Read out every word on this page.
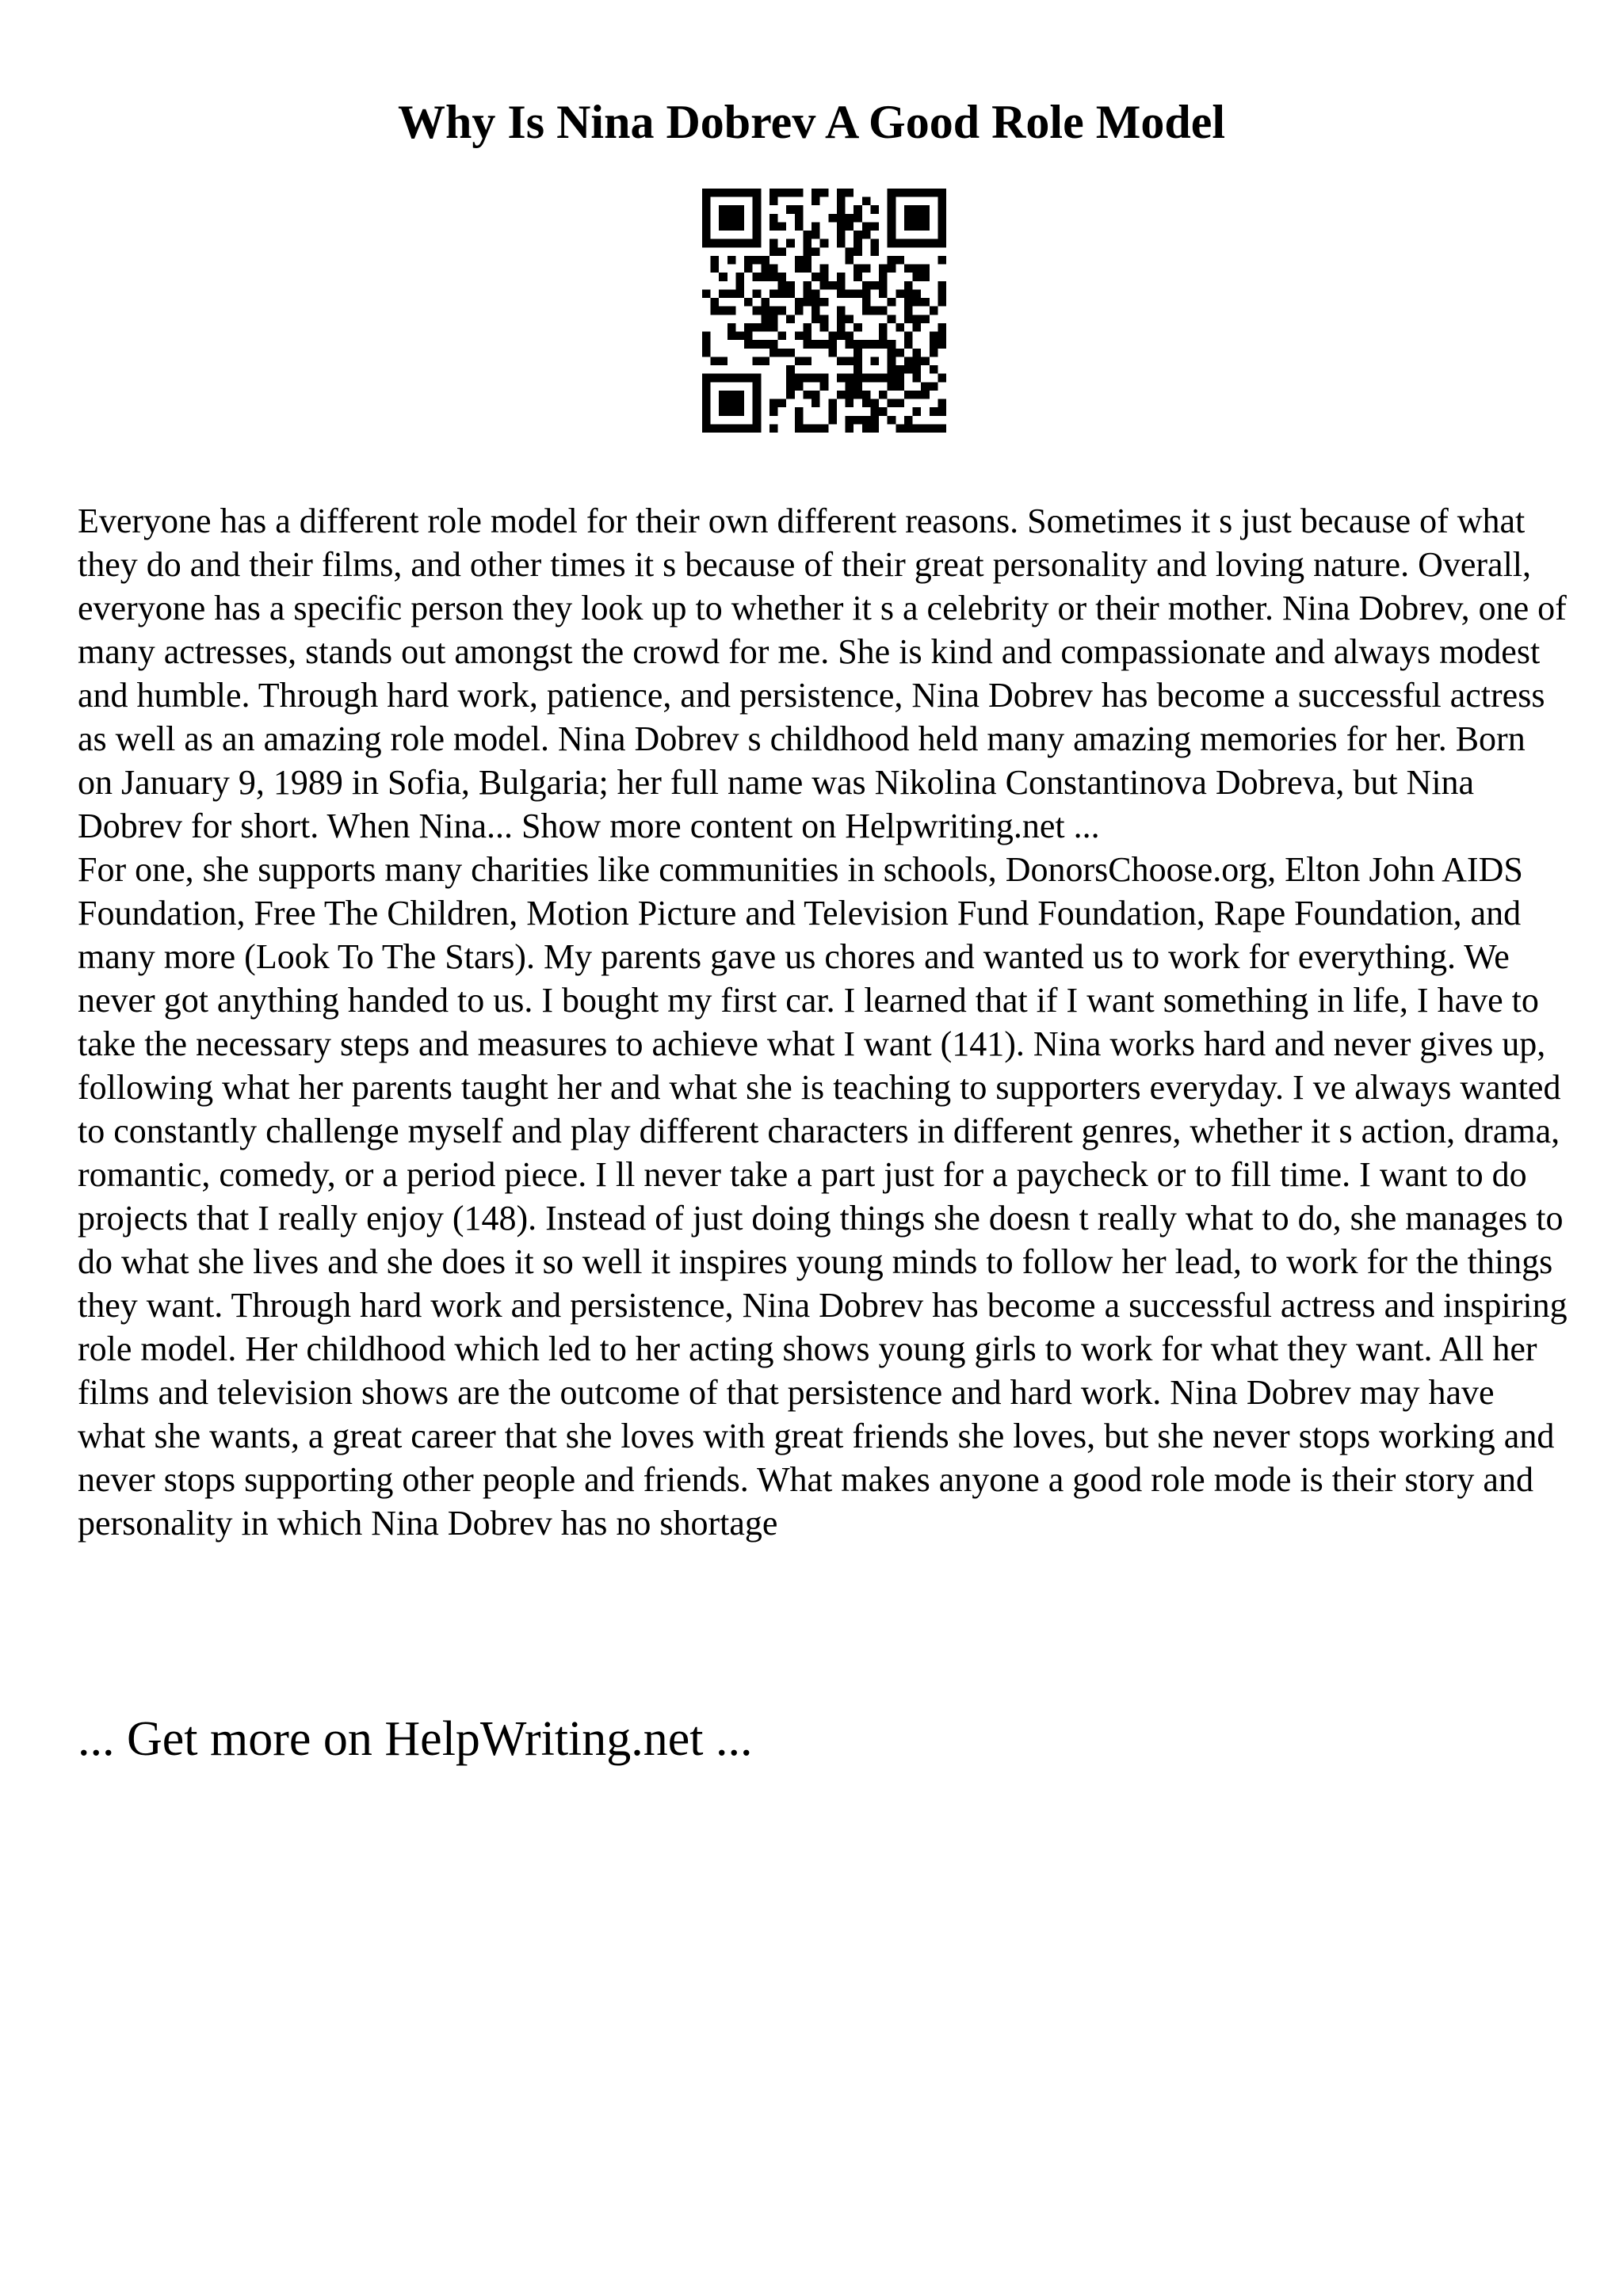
Why Is Nina Dobrev A Good Role Model

Everyone has a different role model for their own different reasons. Sometimes it s just because of what they do and their films, and other times it s because of their great personality and loving nature. Overall, everyone has a specific person they look up to whether it s a celebrity or their mother. Nina Dobrev, one of many actresses, stands out amongst the crowd for me. She is kind and compassionate and always modest and humble. Through hard work, patience, and persistence, Nina Dobrev has become a successful actress as well as an amazing role model. Nina Dobrev s childhood held many amazing memories for her. Born on January 9, 1989 in Sofia, Bulgaria; her full name was Nikolina Constantinova Dobreva, but Nina Dobrev for short. When Nina... Show more content on Helpwriting.net ...

For one, she supports many charities like communities in schools, DonorsChoose.org, Elton John AIDS Foundation, Free The Children, Motion Picture and Television Fund Foundation, Rape Foundation, and many more (Look To The Stars). My parents gave us chores and wanted us to work for everything. We never got anything handed to us. I bought my first car. I learned that if I want something in life, I have to take the necessary steps and measures to achieve what I want (141). Nina works hard and never gives up, following what her parents taught her and what she is teaching to supporters everyday. I ve always wanted to constantly challenge myself and play different characters in different genres, whether it s action, drama, romantic, comedy, or a period piece. I ll never take a part just for a paycheck or to fill time. I want to do projects that I really enjoy (148). Instead of just doing things she doesn t really what to do, she manages to do what she lives and she does it so well it inspires young minds to follow her lead, to work for the things they want. Through hard work and persistence, Nina Dobrev has become a successful actress and inspiring role model. Her childhood which led to her acting shows young girls to work for what they want. All her films and television shows are the outcome of that persistence and hard work. Nina Dobrev may have what she wants, a great career that she loves with great friends she loves, but she never stops working and never stops supporting other people and friends. What makes anyone a good role mode is their story and personality in which Nina Dobrev has no shortage

... Get more on HelpWriting.net ...
